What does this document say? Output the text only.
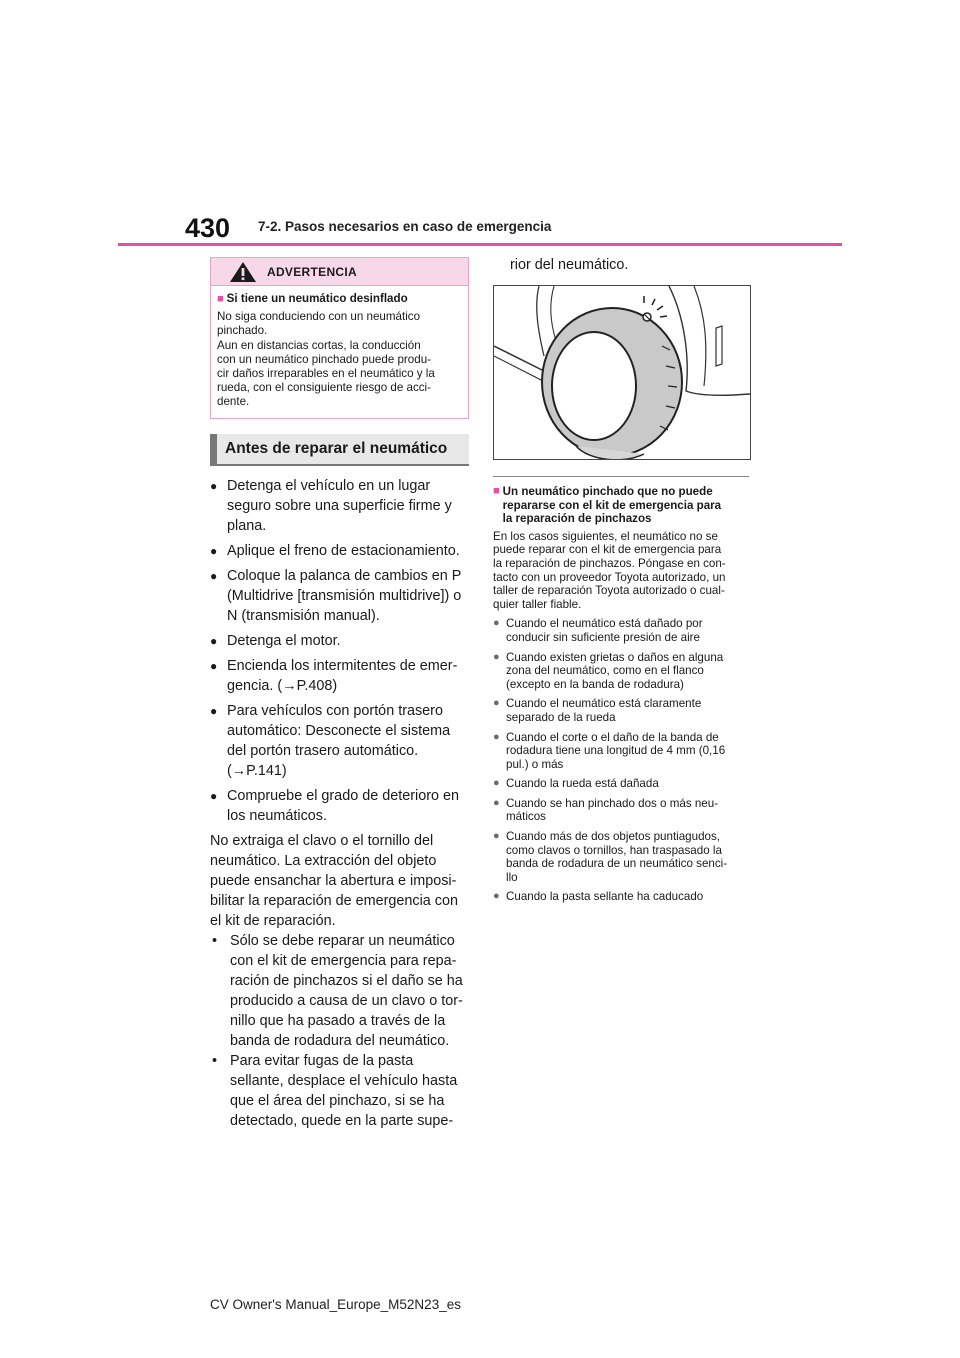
430 7-2. Pasos necesarios en caso de emergencia
ADVERTENCIA
■ Si tiene un neumático desinflado
No siga conduciendo con un neumático
pinchado.
Aun en distancias cortas, la conducción
con un neumático pinchado puede produ-
cir daños irreparables en el neumático y la
rueda, con el consiguiente riesgo de acci-
dente.
Antes de reparar el neumático
● Detenga el vehículo en un lugar
seguro sobre una superficie firme y
plana.
● Aplique el freno de estacionamiento.
● Coloque la palanca de cambios en P
(Multidrive [transmisión multidrive]) o
N (transmisión manual).
● Detenga el motor.
● Encienda los intermitentes de emer-
gencia. (→P.408)
● Para vehículos con portón trasero
automático: Desconecte el sistema
del portón trasero automático.
(→P.141)
● Compruebe el grado de deterioro en
los neumáticos.
No extraiga el clavo o el tornillo del
neumático. La extracción del objeto
puede ensanchar la abertura e imposi-
bilitar la reparación de emergencia con
el kit de reparación.
• Sólo se debe reparar un neumático
con el kit de emergencia para repa-
ración de pinchazos si el daño se ha
producido a causa de un clavo o tor-
nillo que ha pasado a través de la
banda de rodadura del neumático.
• Para evitar fugas de la pasta
sellante, desplace el vehículo hasta
que el área del pinchazo, si se ha
detectado, quede en la parte supe-
rior del neumático.
■ Un neumático pinchado que no puede
repararse con el kit de emergencia para
la reparación de pinchazos
En los casos siguientes, el neumático no se
puede reparar con el kit de emergencia para
la reparación de pinchazos. Póngase en con-
tacto con un proveedor Toyota autorizado, un
taller de reparación Toyota autorizado o cual-
quier taller fiable.
● Cuando el neumático está dañado por
conducir sin suficiente presión de aire
● Cuando existen grietas o daños en alguna
zona del neumático, como en el flanco
(excepto en la banda de rodadura)
● Cuando el neumático está claramente
separado de la rueda
● Cuando el corte o el daño de la banda de
rodadura tiene una longitud de 4 mm (0,16
pul.) o más
● Cuando la rueda está dañada
● Cuando se han pinchado dos o más neu-
máticos
● Cuando más de dos objetos puntiagudos,
como clavos o tornillos, han traspasado la
banda de rodadura de un neumático senci-
llo
● Cuando la pasta sellante ha caducado
CV Owner's Manual_Europe_M52N23_es
